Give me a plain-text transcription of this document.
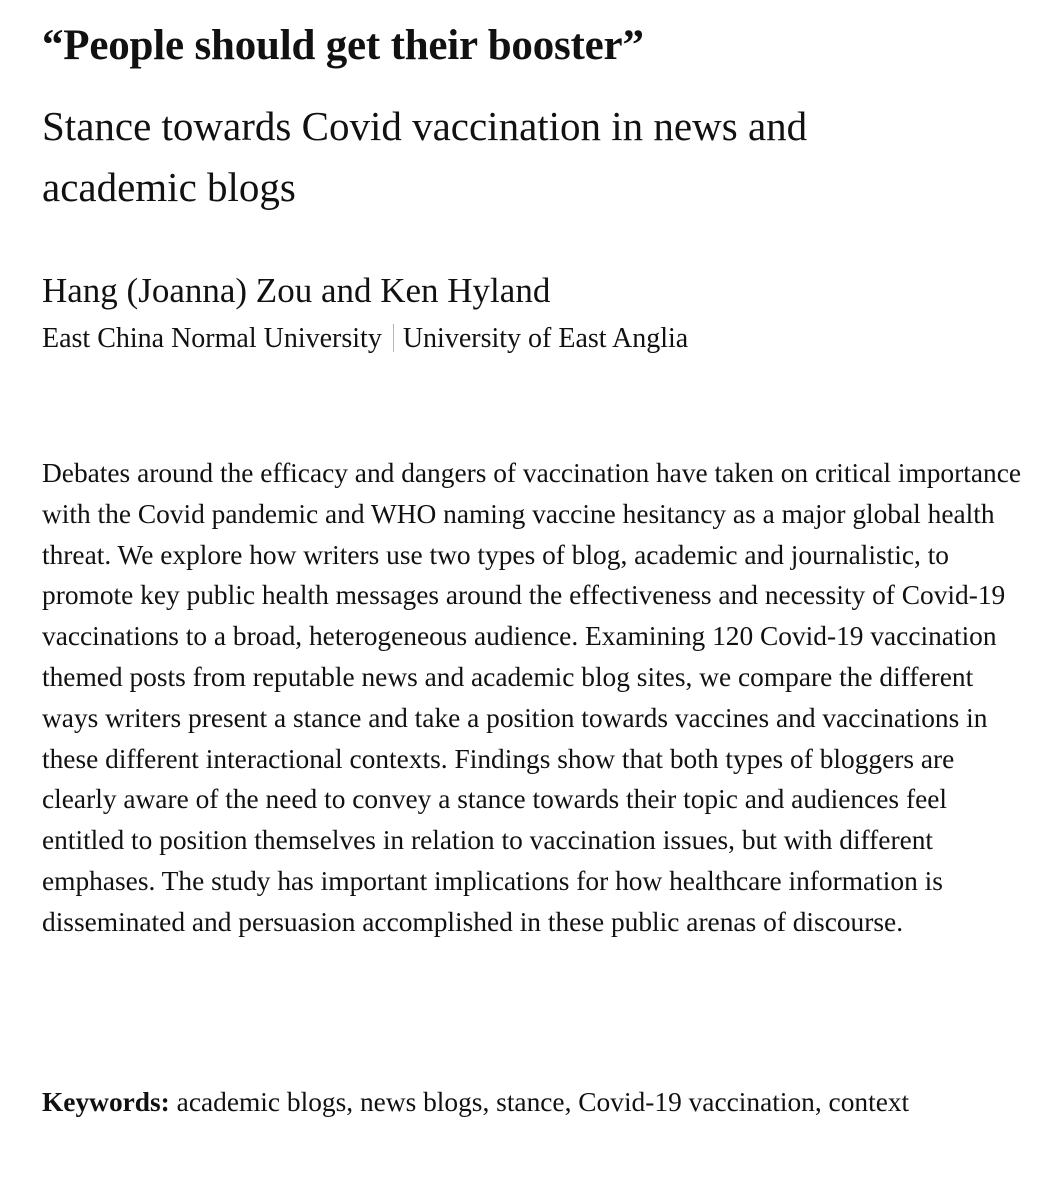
“People should get their booster”
Stance towards Covid vaccination in news and academic blogs

Hang (Joanna) Zou and Ken Hyland

East China Normal University University of East Anglia

Debates around the efficacy and dangers of vaccination have taken on critical importance with the Covid pandemic and WHO naming vaccine hesitancy as a major global health threat. We explore how writers use two types of blog, academic and journalistic, to promote key public health messages around the effectiveness and necessity of Covid-19 vaccinations to a broad, heterogeneous audience. Examining 120 Covid-19 vaccination themed posts from reputable news and academic blog sites, we compare the different ways writers present a stance and take a position towards vaccines and vaccinations in these different interactional contexts. Findings show that both types of bloggers are clearly aware of the need to convey a stance towards their topic and audiences feel entitled to position themselves in relation to vaccination issues, but with different emphases. The study has important implications for how healthcare information is disseminated and persuasion accomplished in these public arenas of discourse.

Keywords: academic blogs, news blogs, stance, Covid-19 vaccination, context
